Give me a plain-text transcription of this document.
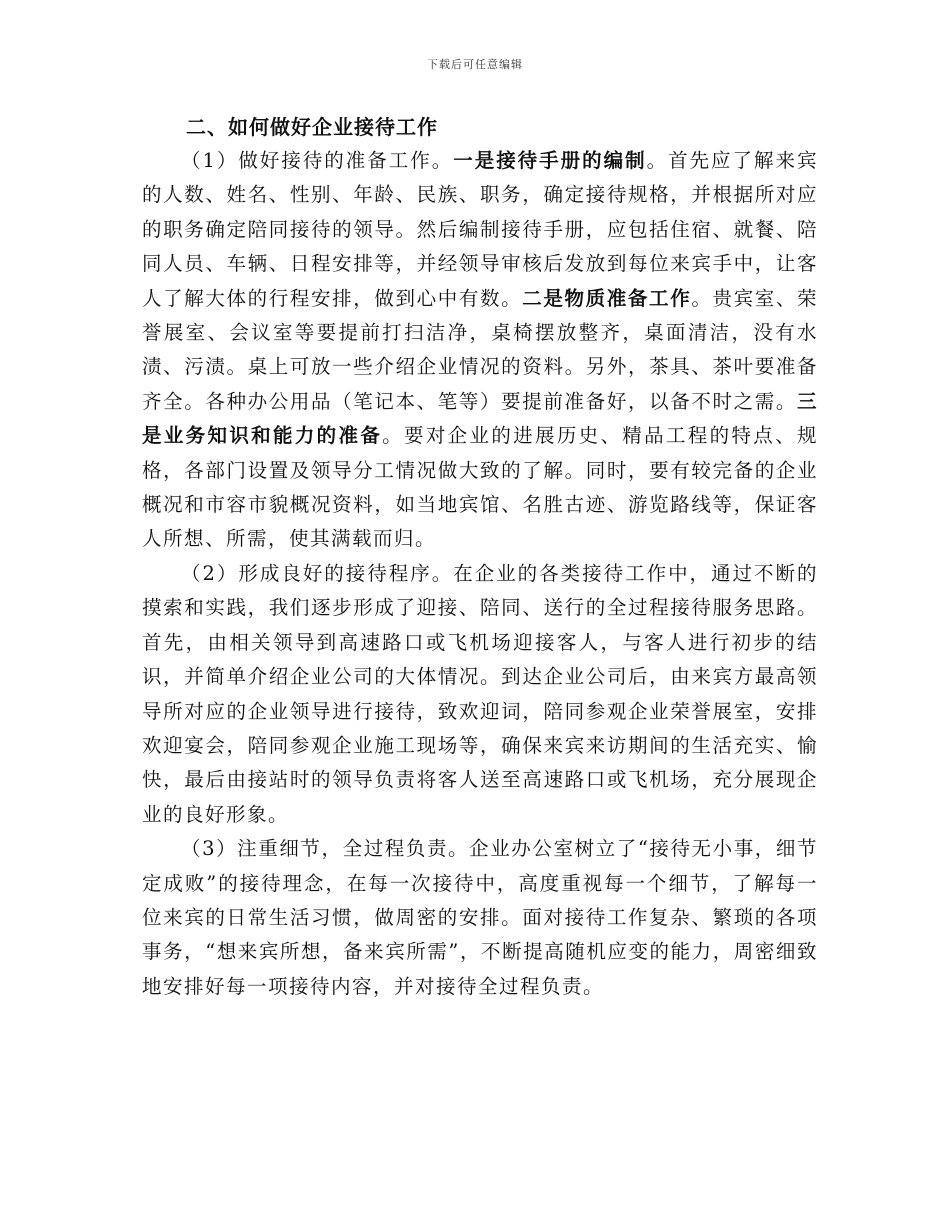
下载后可任意编辑
二、如何做好企业接待工作

（1）做好接待的准备工作。一是接待手册的编制。首先应了解来宾的人数、姓名、性别、年龄、民族、职务，确定接待规格，并根据所对应的职务确定陪同接待的领导。然后编制接待手册，应包括住宿、就餐、陪同人员、车辆、日程安排等，并经领导审核后发放到每位来宾手中，让客人了解大体的行程安排，做到心中有数。二是物质准备工作。贵宾室、荣誉展室、会议室等要提前打扫洁净，桌椅摆放整齐，桌面清洁，没有水渍、污渍。桌上可放一些介绍企业情况的资料。另外，茶具、茶叶要准备齐全。各种办公用品（笔记本、笔等）要提前准备好，以备不时之需。三是业务知识和能力的准备。要对企业的进展历史、精品工程的特点、规格，各部门设置及领导分工情况做大致的了解。同时，要有较完备的企业概况和市容市貌概况资料，如当地宾馆、名胜古迹、游览路线等，保证客人所想、所需，使其满载而归。

（2）形成良好的接待程序。在企业的各类接待工作中，通过不断的摸索和实践，我们逐步形成了迎接、陪同、送行的全过程接待服务思路。首先，由相关领导到高速路口或飞机场迎接客人，与客人进行初步的结识，并简单介绍企业公司的大体情况。到达企业公司后，由来宾方最高领导所对应的企业领导进行接待，致欢迎词，陪同参观企业荣誉展室，安排欢迎宴会，陪同参观企业施工现场等，确保来宾来访期间的生活充实、愉快，最后由接站时的领导负责将客人送至高速路口或飞机场，充分展现企业的良好形象。

（3）注重细节，全过程负责。企业办公室树立了“接待无小事，细节定成败”的接待理念，在每一次接待中，高度重视每一个细节，了解每一位来宾的日常生活习惯，做周密的安排。面对接待工作复杂、繁琐的各项事务，“想来宾所想，备来宾所需”，不断提高随机应变的能力，周密细致地安排好每一项接待内容，并对接待全过程负责。
